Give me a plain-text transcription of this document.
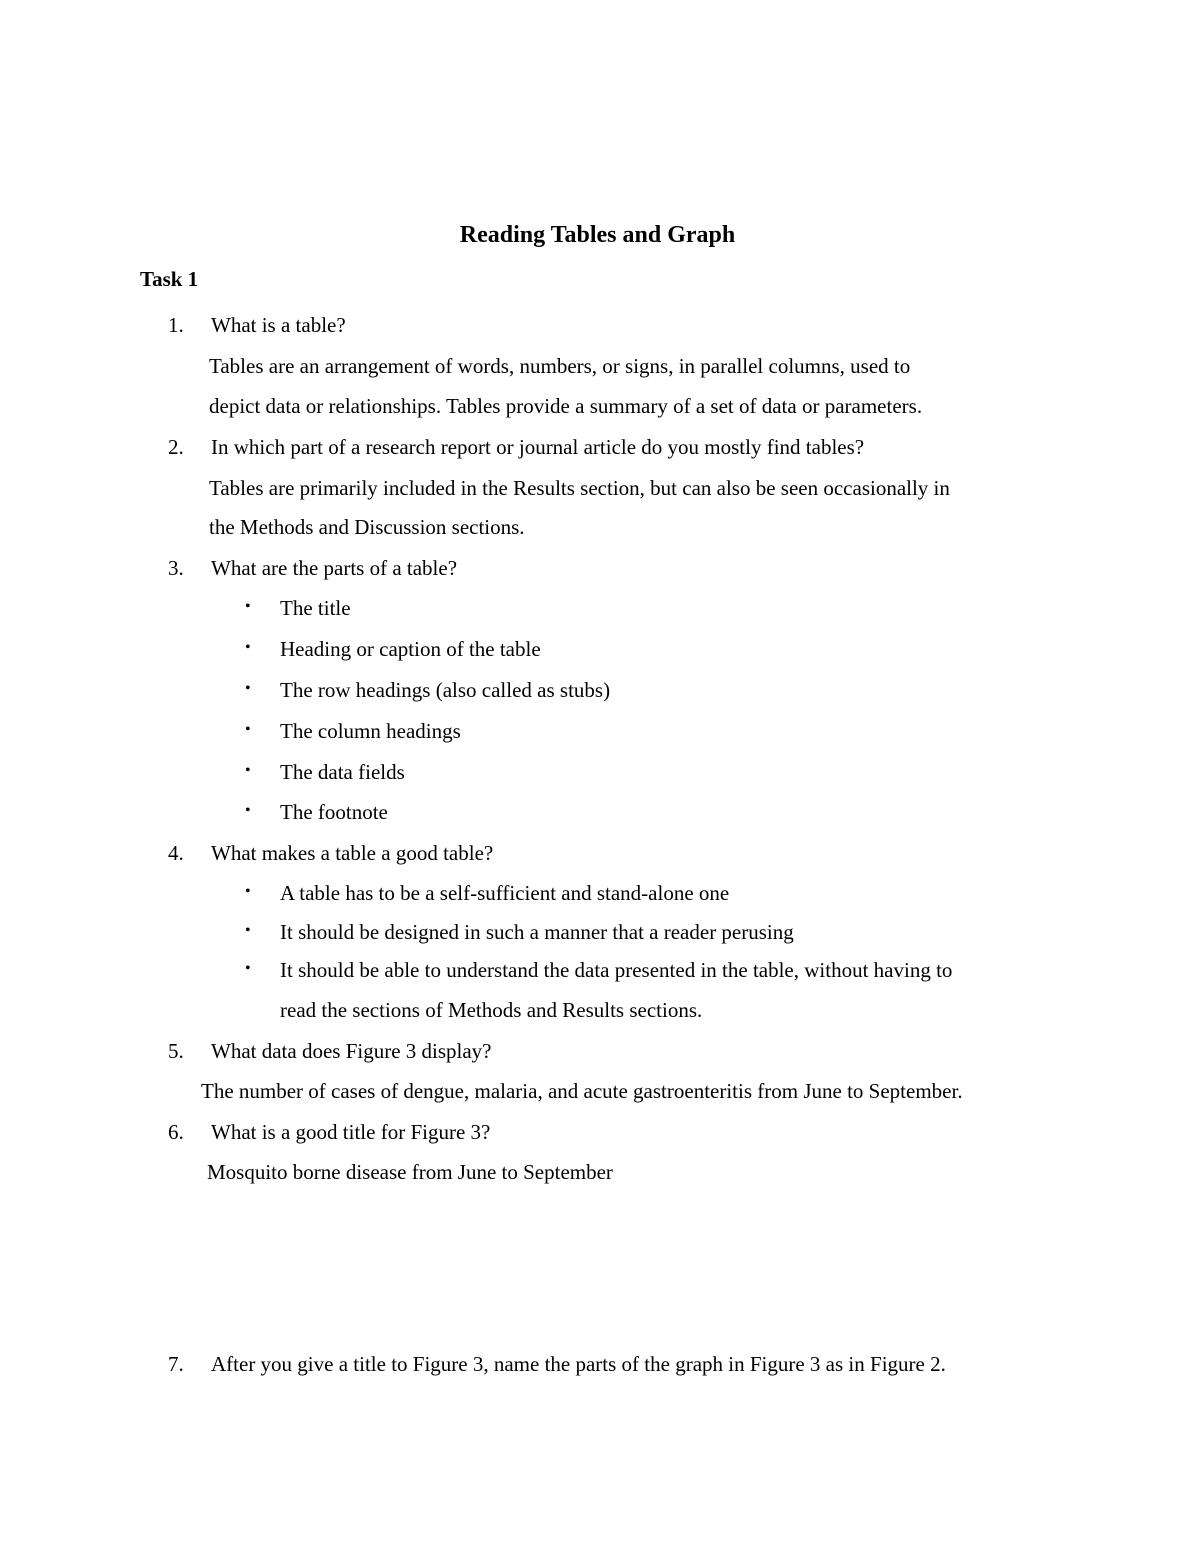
Reading Tables and Graph
Task 1
1.	What is a table?
Tables are an arrangement of words, numbers, or signs, in parallel columns, used to
depict data or relationships. Tables provide a summary of a set of data or parameters.
2.	In which part of a research report or journal article do you mostly find tables?
Tables are primarily included in the Results section, but can also be seen occasionally in
the Methods and Discussion sections.
3.	What are the parts of a table?
• The title
• Heading or caption of the table
• The row headings (also called as stubs)
• The column headings
• The data fields
• The footnote
4.	What makes a table a good table?
• A table has to be a self-sufficient and stand-alone one
• It should be designed in such a manner that a reader perusing
• It should be able to understand the data presented in the table, without having to
read the sections of Methods and Results sections.
5.	What data does Figure 3 display?
The number of cases of dengue, malaria, and acute gastroenteritis from June to September.
6.	What is a good title for Figure 3?
Mosquito borne disease from June to September
7.	After you give a title to Figure 3, name the parts of the graph in Figure 3 as in Figure 2.
